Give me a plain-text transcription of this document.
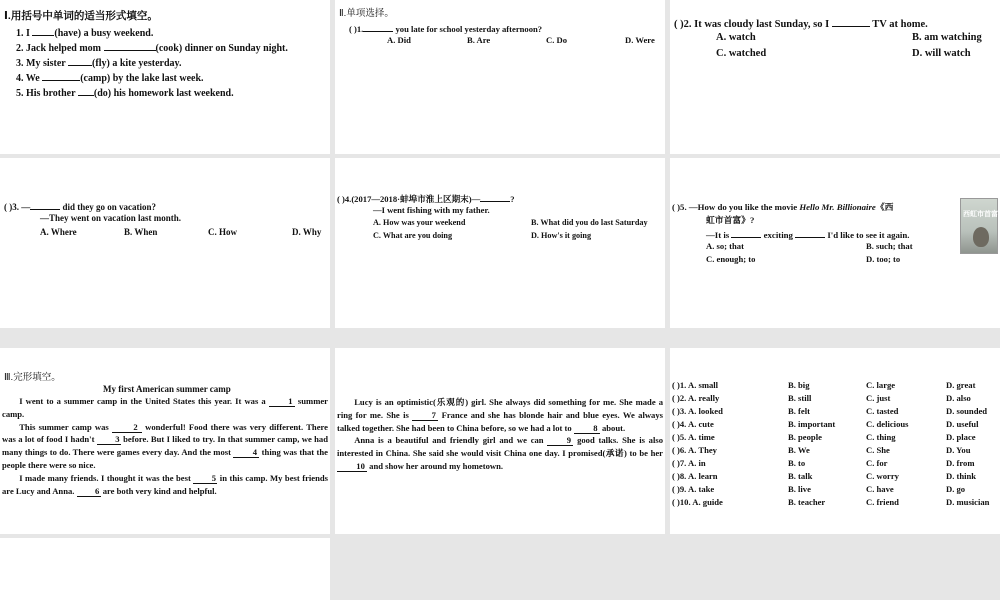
Ⅰ.用括号中单词的适当形式填空。
1. I (have) a busy weekend.
2. Jack helped mom	(cook) dinner on Sunday night.
3. My sister (fly) a kite yesterday.
4. We	(camp) by the lake last week.
5. His brother (do) his homework last weekend.
Ⅱ.单项选择。
( )1.	you late for school yesterday afternoon?
A. Did	B. Are	C. Do	D. Were
( )2. It was cloudy last Sunday, so I	TV at home.
A. watch	B. am watching
C. watched	D. will watch
( )3. —	did they go on vacation?
—They went on vacation last month.
A. Where	B. When	C. How	D. Why
( )4.(2017—2018·蚌埠市淮上区期末)—	?
—I went fishing with my father.
A. How was your weekend	B. What did you do last Saturday
C. What are you doing	D. How's it going
( )5. —How do you like the movie Hello Mr. Billionaire《西
虹市首富》?
—It is	exciting	I'd like to see it again.
A. so; that	B. such; that
C. enough; to	D. too; to
西虹市首富
Ⅲ.完形填空。
My first American summer camp

I went to a summer camp in the United States this year. It was a 1 summer camp.

This summer camp was 2 wonderful! Food there was very different. There was a lot of food I hadn't 3 before. But I liked to try. In that summer camp, we had many things to do. There were games every day. And the most 4 thing was that the people there were so nice.

I made many friends. I thought it was the best 5 in this camp. My best friends are Lucy and Anna. 6 are both very kind and helpful.

Lucy is an optimistic(乐观的) girl. She always did something for me. She made a ring for me. She is 7 France and she has blonde hair and blue eyes. We always talked together. She had been to China before, so we had a lot to 8 about.

Anna is a beautiful and friendly girl and we can 9 good talks. She is also interested in China. She said she would visit China one day. I promised(承诺) to be her 10 and show her around my hometown.

( )1. A. small	B. big	C. large	D. great
( )2. A. really	B. still	C. just	D. also
( )3. A. looked	B. felt	C. tasted	D. sounded
( )4. A. cute	B. important	C. delicious	D. useful
( )5. A. time	B. people	C. thing	D. place
( )6. A. They	B. We	C. She	D. You
( )7. A. in	B. to	C. for	D. from
( )8. A. learn	B. talk	C. worry	D. think
( )9. A. take	B. live	C. have	D. go
( )10. A. guide	B. teacher	C. friend	D. musician
